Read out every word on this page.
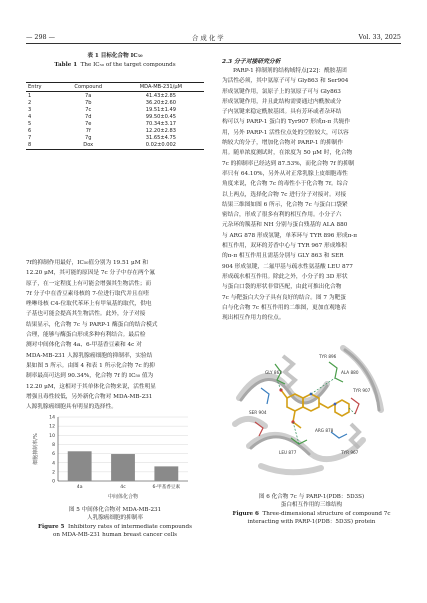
— 298 —	合 成 化 学	Vol. 33, 2025
表 1 目标化合物 IC₅₀
Table 1 The IC₅₀ of the target compounds
Entry	Compound	MDA-MB-231/μM
1	7a	41.43±2.85
2	7b	36.20±2.60
3	7c	19.51±1.49
4	7d	99.50±0.45
5	7e	70.34±3.17
6	7f	12.20±2.83
7	7g	31.65±4.75
8	Dox	0.02±0.002
7f的抑制作用最好，IC₅₀值分别为 19.51 μM 和
12.20 μM，其可能的原因是 7c 分子中存在两个氟
原子，在一定程度上有可能会增强其生物活性；而
7f 分子中在香豆素母核的 7-位进行取代并且在喹
唑啉母核 C4-位取代苯环上有甲氧基的取代，供电
子基也可能会提高其生物活性。此外，分子对接
结果显示，化合物 7c 与 PARP-1 酶蛋白的结合模式
合理，能够与酶蛋白形成多种有利结合。最后检
测对中间体化合物 4a、6-甲基香豆素和 4c 对
MDA-MB-231 人源乳腺癌细胞的抑制率，实验结
果如图 5 所示。由图 4 和表 1 所示化合物 7c 的抑
制率最高可达到 90.34%，化合物 7f 的 IC₅₀ 值为
12.20 μM，这相对于其单体化合物来说，活性明显
增强且毒性较低，另外新化合物对 MDA-MB-231
人源乳腺癌细胞具有明显的选择性。
0
2
4
6
8
10
12
14
4a	4c	6-甲基香豆素
中间体化合物
细胞抑制率/%
图 5 中间体化合物对 MDA-MB-231
人乳腺癌细胞的抑制率
Figure 5 Inhibitory rates of intermediate compounds
on MDA-MB-231 human breast cancer cells
2.3 分子对接研究分析
PARP-1 抑制剂的结构域特点[22]：酰胺基团
为活性必须，其中氨原子可与 Gly863 和 Ser904
形成氢键作用，氯原子上的氢原子可与 Gly863
形成氢键作用，并且此结构需要通过内酰胺或分
子内氢键来稳定酰胺基团。具有芳环或者杂环结
构可以与 PARP-1 蛋白的 Tyr907 形成π-π 共轭作
用，另外 PARP-1 活性位点处的空腔较大，可以容
纳较大的分子，增加化合物对 PARP-1 的抑制作
用。随单浓度测试时，在浓度为 50 μM 时，化合物
7c 的抑制率已经达到 87.53%，而化合物 7f 的抑制
率只有 64.10%，另外从对正常乳腺上皮细胞毒性
角度来说，化合物 7c 的毒性小于化合物 7f。综合
以上两点，选择化合物 7c 进行分子对接对。对接
结果三维图如图 6 所示，化合物 7c 与蛋白口袋紧
密结合，形成了很多有利的相互作用。小分子六
元杂环的羰基和 NH 分别与蛋白残基的 ALA 880
与 ARG 878 形成氢键，单苯环与 TYR 896 形成π-π
相互作用，双环的芳香中心与 TYR 967 形成堆积
的π-π 相互作用且需基分别与 GLY 863 和 SER
904 形成氢键，二氟甲基与疏水性氨基酸 LEU 877
形成疏水相互作用。除此之外，小分子的 3D 形状
与蛋白口袋的形状非常匹配，由此可推出化合物
7c 与靶蛋白大分子具有良好的结合。图 7 为靶蛋
白与化合物 7c 相互作用的二维图，更加直观地表
现出相互作用力的位点。
TYR 896
ALA 880
GLY 863
TYR 907
SER 904
ARG 878
LEU 877	TYR 967
图 6 化合物 7c 与 PARP-1(PDB：5D3S)
蛋白相互作用的三维结构
Figure 6 Three-dimensional structure of compound 7c
interacting with PARP-1(PDB：5D3S) protein
